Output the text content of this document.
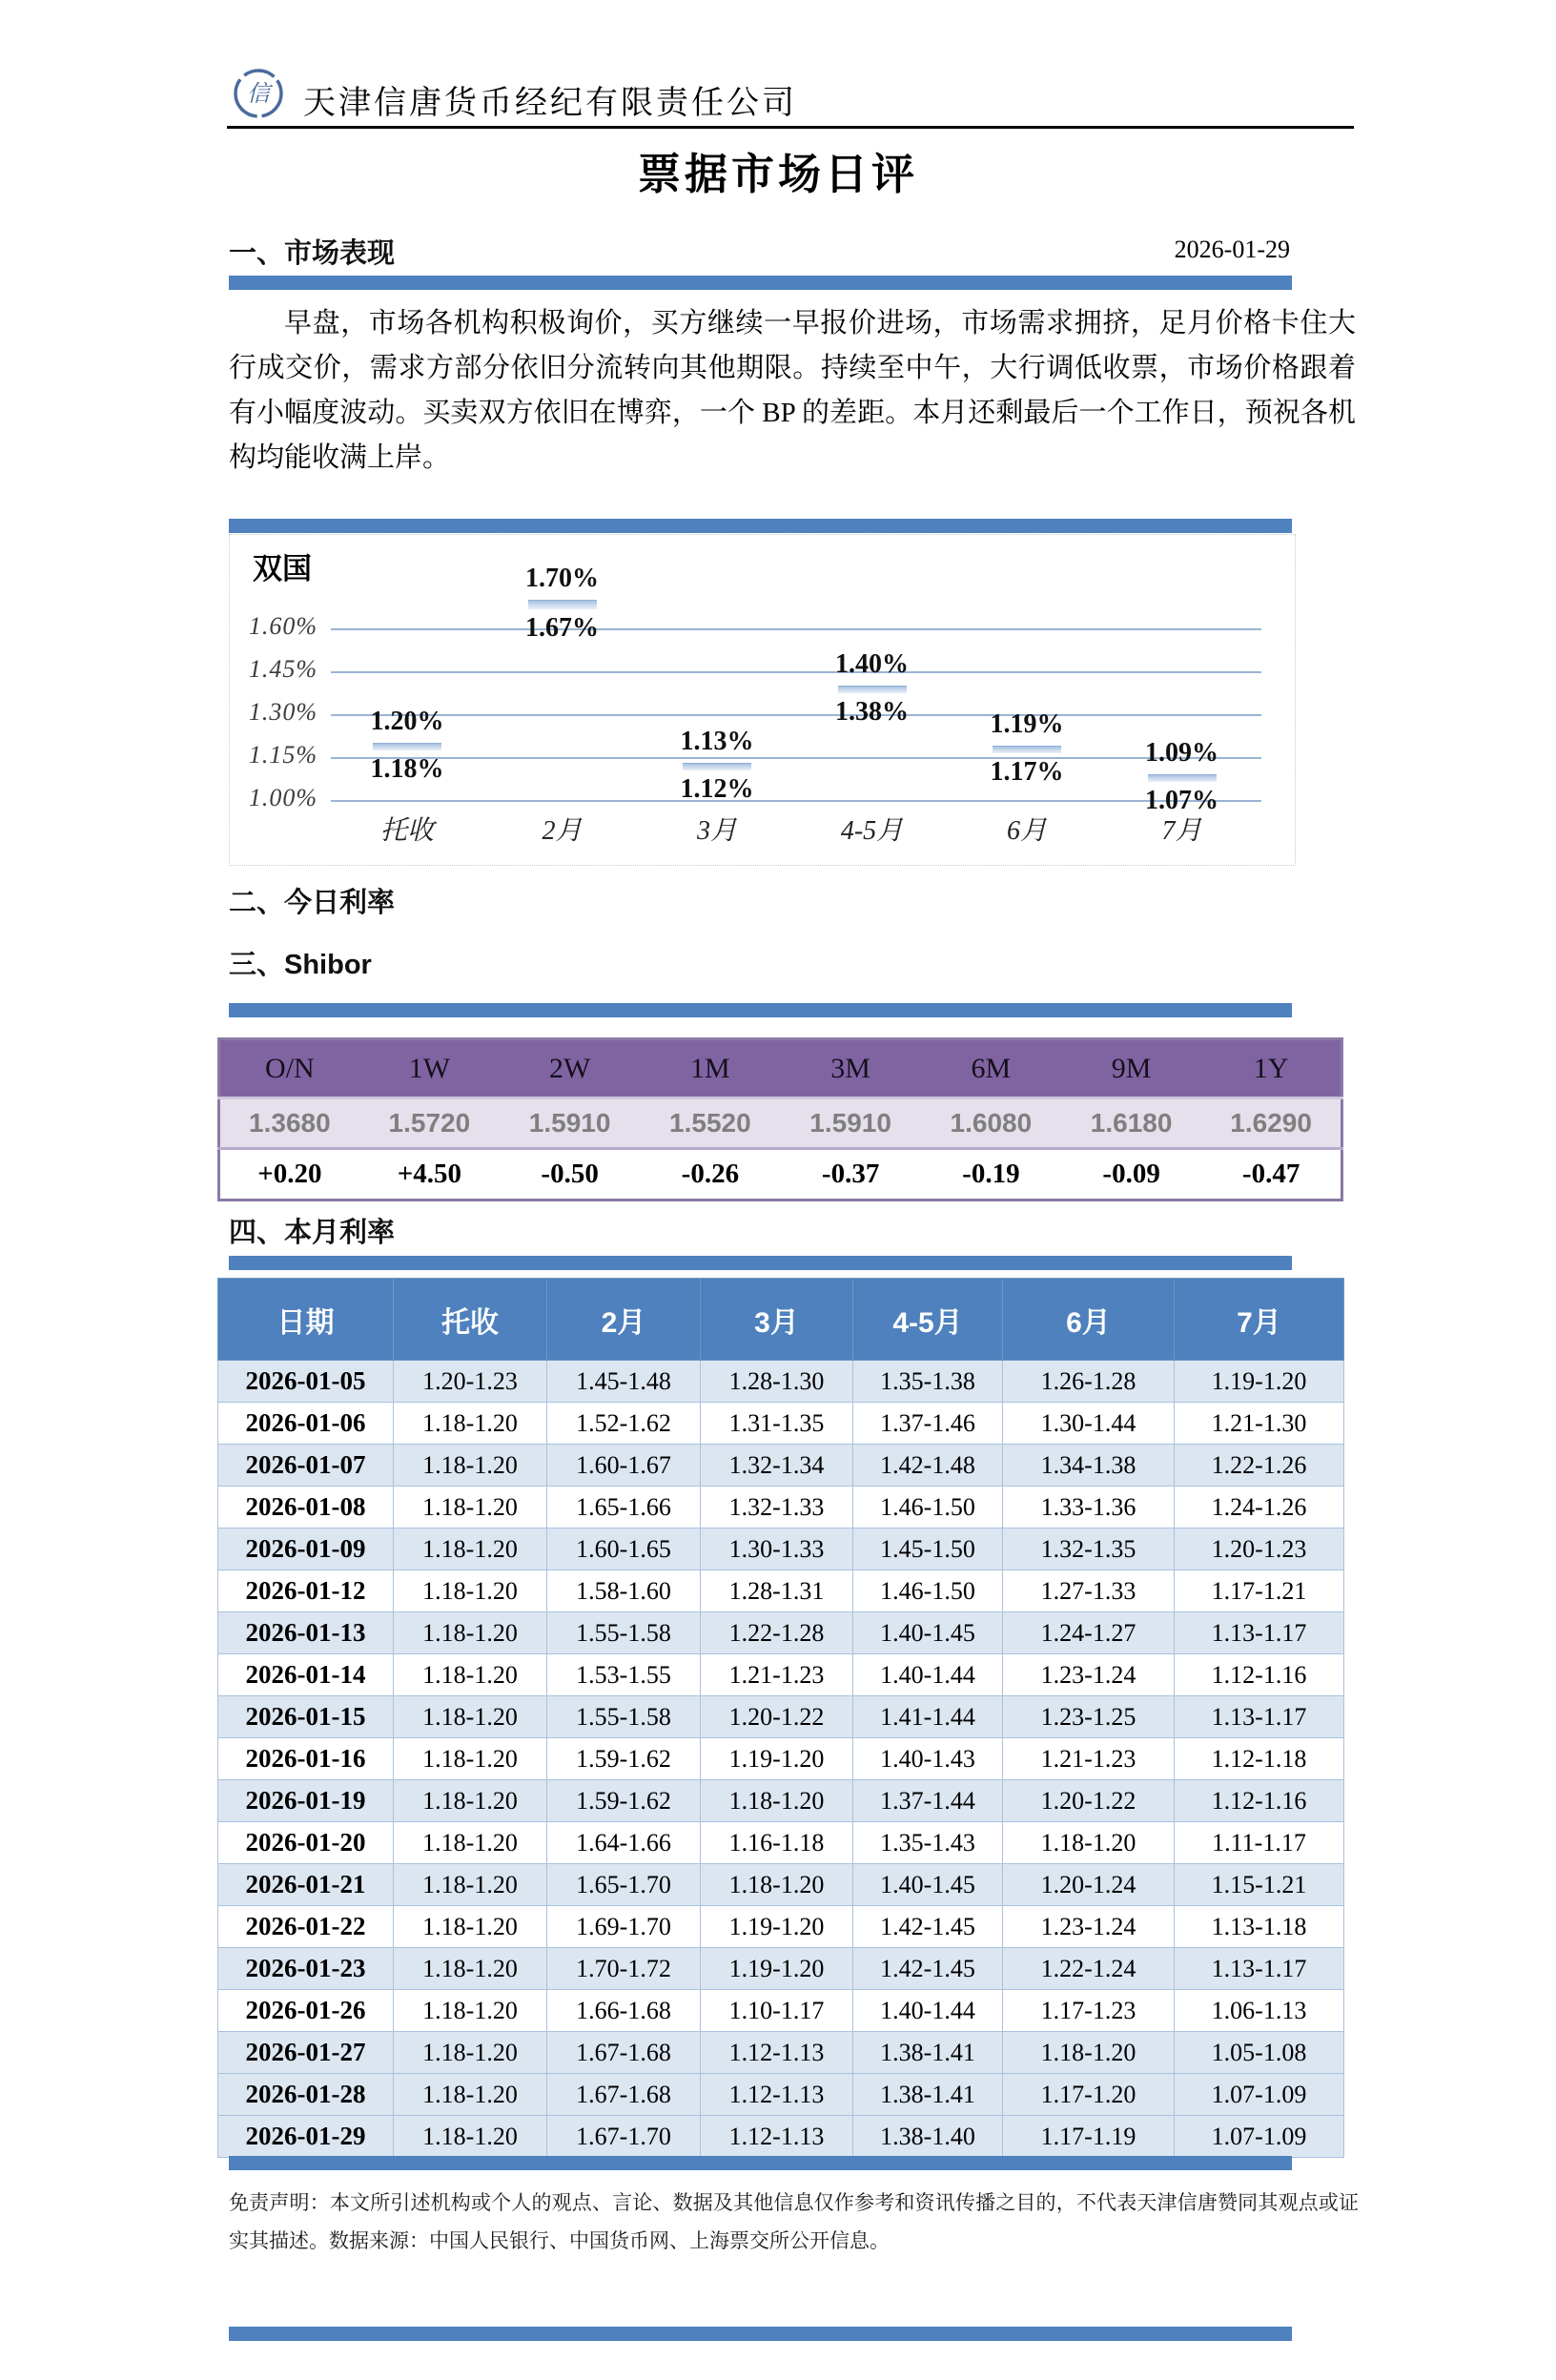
信 天津信唐货币经纪有限责任公司
票据市场日评
一、市场表现	2026-01-29
早盘，市场各机构积极询价，买方继续一早报价进场，市场需求拥挤，足月价格卡住大行成交价，需求方部分依旧分流转向其他期限。持续至中午，大行调低收票，市场价格跟着有小幅度波动。买卖双方依旧在博弈，一个 BP 的差距。本月还剩最后一个工作日，预祝各机构均能收满上岸。
双国
1.60%
1.45%
1.30%
1.15%
1.00%
1.20%
1.18%
托收
1.70%
1.67%
2月
1.13%
1.12%
3月
1.40%
1.38%
4-5月
1.19%
1.17%
6月
1.09%
1.07%
7月
二、今日利率
三、Shibor
O/N	1W	2W	1M	3M	6M	9M	1Y
1.3680	1.5720	1.5910	1.5520	1.5910	1.6080	1.6180	1.6290
+0.20	+4.50	-0.50	-0.26	-0.37	-0.19	-0.09	-0.47
四、本月利率
日期	托收	2月	3月	4-5月	6月	7月
2026-01-05	1.20-1.23	1.45-1.48	1.28-1.30	1.35-1.38	1.26-1.28	1.19-1.20
2026-01-06	1.18-1.20	1.52-1.62	1.31-1.35	1.37-1.46	1.30-1.44	1.21-1.30
2026-01-07	1.18-1.20	1.60-1.67	1.32-1.34	1.42-1.48	1.34-1.38	1.22-1.26
2026-01-08	1.18-1.20	1.65-1.66	1.32-1.33	1.46-1.50	1.33-1.36	1.24-1.26
2026-01-09	1.18-1.20	1.60-1.65	1.30-1.33	1.45-1.50	1.32-1.35	1.20-1.23
2026-01-12	1.18-1.20	1.58-1.60	1.28-1.31	1.46-1.50	1.27-1.33	1.17-1.21
2026-01-13	1.18-1.20	1.55-1.58	1.22-1.28	1.40-1.45	1.24-1.27	1.13-1.17
2026-01-14	1.18-1.20	1.53-1.55	1.21-1.23	1.40-1.44	1.23-1.24	1.12-1.16
2026-01-15	1.18-1.20	1.55-1.58	1.20-1.22	1.41-1.44	1.23-1.25	1.13-1.17
2026-01-16	1.18-1.20	1.59-1.62	1.19-1.20	1.40-1.43	1.21-1.23	1.12-1.18
2026-01-19	1.18-1.20	1.59-1.62	1.18-1.20	1.37-1.44	1.20-1.22	1.12-1.16
2026-01-20	1.18-1.20	1.64-1.66	1.16-1.18	1.35-1.43	1.18-1.20	1.11-1.17
2026-01-21	1.18-1.20	1.65-1.70	1.18-1.20	1.40-1.45	1.20-1.24	1.15-1.21
2026-01-22	1.18-1.20	1.69-1.70	1.19-1.20	1.42-1.45	1.23-1.24	1.13-1.18
2026-01-23	1.18-1.20	1.70-1.72	1.19-1.20	1.42-1.45	1.22-1.24	1.13-1.17
2026-01-26	1.18-1.20	1.66-1.68	1.10-1.17	1.40-1.44	1.17-1.23	1.06-1.13
2026-01-27	1.18-1.20	1.67-1.68	1.12-1.13	1.38-1.41	1.18-1.20	1.05-1.08
2026-01-28	1.18-1.20	1.67-1.68	1.12-1.13	1.38-1.41	1.17-1.20	1.07-1.09
2026-01-29	1.18-1.20	1.67-1.70	1.12-1.13	1.38-1.40	1.17-1.19	1.07-1.09
免责声明：本文所引述机构或个人的观点、言论、数据及其他信息仅作参考和资讯传播之目的，不代表天津信唐赞同其观点或证实其描述。数据来源：中国人民银行、中国货币网、上海票交所公开信息。
